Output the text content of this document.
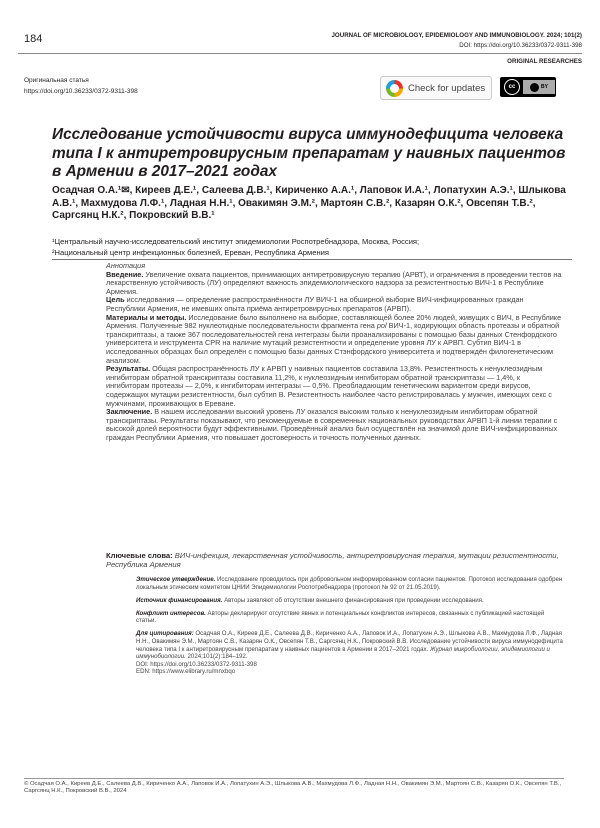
184	JOURNAL OF MICROBIOLOGY, EPIDEMIOLOGY AND IMMUNOBIOLOGY. 2024; 101(2)
DOI: https://doi.org/10.36233/0372-9311-398
ORIGINAL RESEARCHES
Оригинальная статья
https://doi.org/10.36233/0372-9311-398	Check for updates	cc	BY
Исследование устойчивости вируса иммунодефицита человека типа I к антиретровирусным препаратам у наивных пациентов в Армении в 2017–2021 годах
Осадчая О.А.¹✉, Киреев Д.Е.¹, Салеева Д.В.¹, Кириченко А.А.¹, Лаповок И.А.¹, Лопатухин А.Э.¹, Шлыкова А.В.¹, Махмудова Л.Ф.¹, Ладная Н.Н.¹, Овакимян Э.М.², Мартоян С.В.², Казарян О.К.², Овсепян Т.В.², Саргсянц Н.К.², Покровский В.В.¹
¹Центральный научно-исследовательский институт эпидемиологии Роспотребнадзора, Москва, Россия;
²Национальный центр инфекционных болезней, Ереван, Республика Армения
Аннотация

Введение. Увеличение охвата пациентов, принимающих антиретровирусную терапию (АРВТ), и ограничения в проведении тестов на лекарственную устойчивость (ЛУ) определяют важность эпидемиологического надзора за резистентностью ВИЧ-1 в Республике Армения.

Цель исследования — определение распространённости ЛУ ВИЧ-1 на обширной выборке ВИЧ-инфицированных граждан Республики Армения, не имевших опыта приёма антиретровирусных препаратов (АРВП).

Материалы и методы. Исследование было выполнено на выборке, составляющей более 20% людей, живущих с ВИЧ, в Республике Армения. Полученные 982 нуклеотидные последовательности фрагмента гена pol ВИЧ-1, кодирующих область протеазы и обратной транскриптазы, а также 367 последовательностей гена интегразы были проанализированы с помощью базы данных Стенфордского университета и инструмента CPR на наличие мутаций резистентности и определение уровня ЛУ к АРВП. Субтип ВИЧ-1 в исследованных образцах был определён с помощью базы данных Стэнфордского университета и подтверждён филогенетическим анализом.

Результаты. Общая распространённость ЛУ к АРВП у наивных пациентов составила 13,8%. Резистентность к ненуклеозидным ингибиторам обратной транскриптазы составила 11,2%, к нуклеозидным ингибиторам обратной транскриптазы — 1,4%, к ингибиторам протеазы — 2,0%, к ингибиторам интегразы — 0,5%. Преобладающим генетическим вариантом среди вирусов, содержащих мутации резистентности, был субтип B. Резистентность наиболее часто регистрировалась у мужчин, имеющих секс с мужчинами, проживающих в Ереване.

Заключение. В нашем исследовании высокий уровень ЛУ оказался высоким только к ненуклеозидным ингибиторам обратной транскриптазы. Результаты показывают, что рекомендуемые в современных национальных руководствах АРВП 1-й линии терапии с высокой долей вероятности будут эффективными. Проведённый анализ был осуществлён на значимой доле ВИЧ-инфицированных граждан Республики Армения, что повышает достоверность и точность полученных данных.

Ключевые слова: ВИЧ-инфекция, лекарственная устойчивость, антиретровирусная терапия, мутации резистентности, Республика Армения

Этическое утверждение. Исследование проводилось при добровольном информированном согласии пациентов. Протокол исследования одобрен локальным этическим комитетом ЦНИИ Эпидемиологии Роспотребнадзора (протокол № 92 от 21.05.2019).

Источник финансирования. Авторы заявляют об отсутствии внешнего финансирования при проведении исследования.

Конфликт интересов. Авторы декларируют отсутствие явных и потенциальных конфликтов интересов, связанных с публикацией настоящей статьи.

Для цитирования: Осадчая О.А., Киреев Д.Е., Салеева Д.В., Кириченко А.А., Лаповок И.А., Лопатухин А.Э., Шлыкова А.В., Махмудова Л.Ф., Ладная Н.Н., Овакимян Э.М., Мартоян С.В., Казарян О.К., Овсепян Т.В., Саргсянц Н.К., Покровский В.В. Исследование устойчивости вируса иммунодефицита человека типа I к антиретровирусным препаратам у наивных пациентов в Армении в 2017–2021 годах. Журнал микробиологии, эпидемиологии и иммунобиологии. 2024;101(2):184–192.
DOI: https://doi.org/10.36233/0372-9311-398
EDN: https://www.elibrary.ru/mnxbqo

© Осадчая О.А., Киреев Д.Е., Салеева Д.В., Кириченко А.А., Лаповок И.А., Лопатухин А.Э., Шлыкова А.В., Махмудова Л.Ф., Ладная Н.Н., Овакимян Э.М., Мартоян С.В., Казарян О.К., Овсепян Т.В., Саргсянц Н.К., Покровский В.В., 2024
